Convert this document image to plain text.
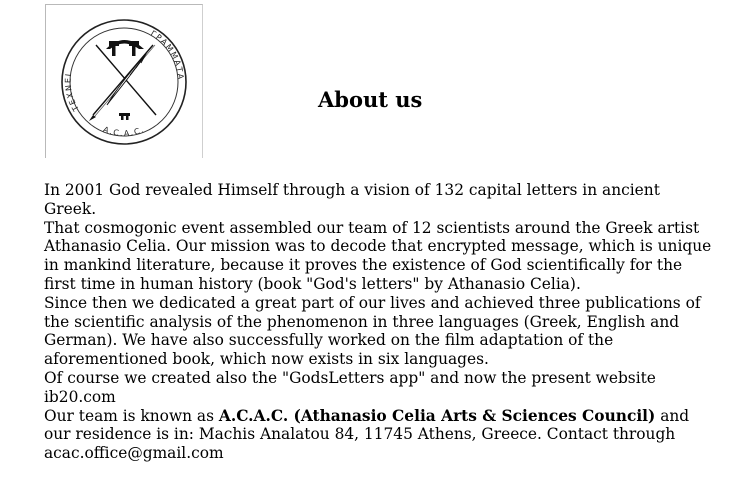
ΤΕΧΝΕΙ
ΓΡΑΜΜΑΤΑ
A.C.A.C.
About us

In 2001 God revealed Himself through a vision of 132 capital letters in ancient Greek.

That cosmogonic event assembled our team of 12 scientists around the Greek artist Athanasio Celia. Our mission was to decode that encrypted message, which is unique in mankind literature, because it proves the existence of God scientifically for the first time in human history (book "God's letters" by Athanasio Celia).

Since then we dedicated a great part of our lives and achieved three publications of the scientific analysis of the phenomenon in three languages (Greek, English and German). We have also successfully worked on the film adaptation of the aforementioned book, which now exists in six languages.

Of course we created also the "GodsLetters app" and now the present website ib20.com

Our team is known as A.C.A.C. (Athanasio Celia Arts & Sciences Council) and our residence is in: Machis Analatou 84, 11745 Athens, Greece. Contact through acac.office@gmail.com
